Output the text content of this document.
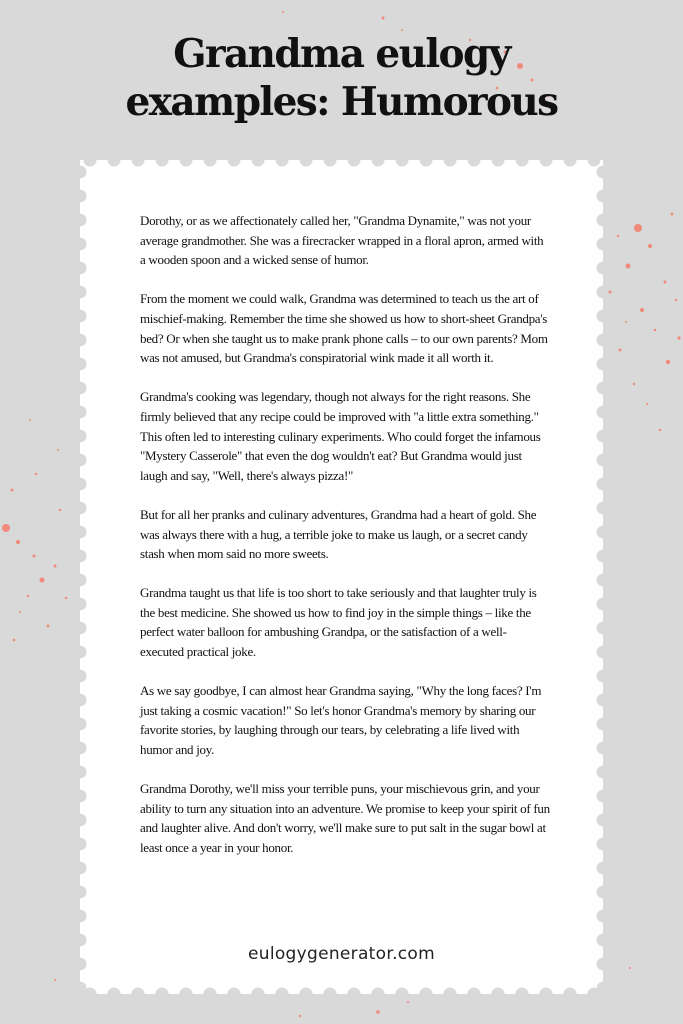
Grandma eulogy
examples: Humorous

Dorothy, or as we affectionately called her, "Grandma Dynamite," was not your average grandmother. She was a firecracker wrapped in a floral apron, armed with a wooden spoon and a wicked sense of humor.

From the moment we could walk, Grandma was determined to teach us the art of mischief-making. Remember the time she showed us how to short-sheet Grandpa's bed? Or when she taught us to make prank phone calls – to our own parents? Mom was not amused, but Grandma's conspiratorial wink made it all worth it.

Grandma's cooking was legendary, though not always for the right reasons. She firmly believed that any recipe could be improved with "a little extra something." This often led to interesting culinary experiments. Who could forget the infamous "Mystery Casserole" that even the dog wouldn't eat? But Grandma would just laugh and say, "Well, there's always pizza!"

But for all her pranks and culinary adventures, Grandma had a heart of gold. She was always there with a hug, a terrible joke to make us laugh, or a secret candy stash when mom said no more sweets.

Grandma taught us that life is too short to take seriously and that laughter truly is the best medicine. She showed us how to find joy in the simple things – like the perfect water balloon for ambushing Grandpa, or the satisfaction of a well-executed practical joke.

As we say goodbye, I can almost hear Grandma saying, "Why the long faces? I'm just taking a cosmic vacation!" So let's honor Grandma's memory by sharing our favorite stories, by laughing through our tears, by celebrating a life lived with humor and joy.

Grandma Dorothy, we'll miss your terrible puns, your mischievous grin, and your ability to turn any situation into an adventure. We promise to keep your spirit of fun and laughter alive. And don't worry, we'll make sure to put salt in the sugar bowl at least once a year in your honor.

eulogygenerator.com
